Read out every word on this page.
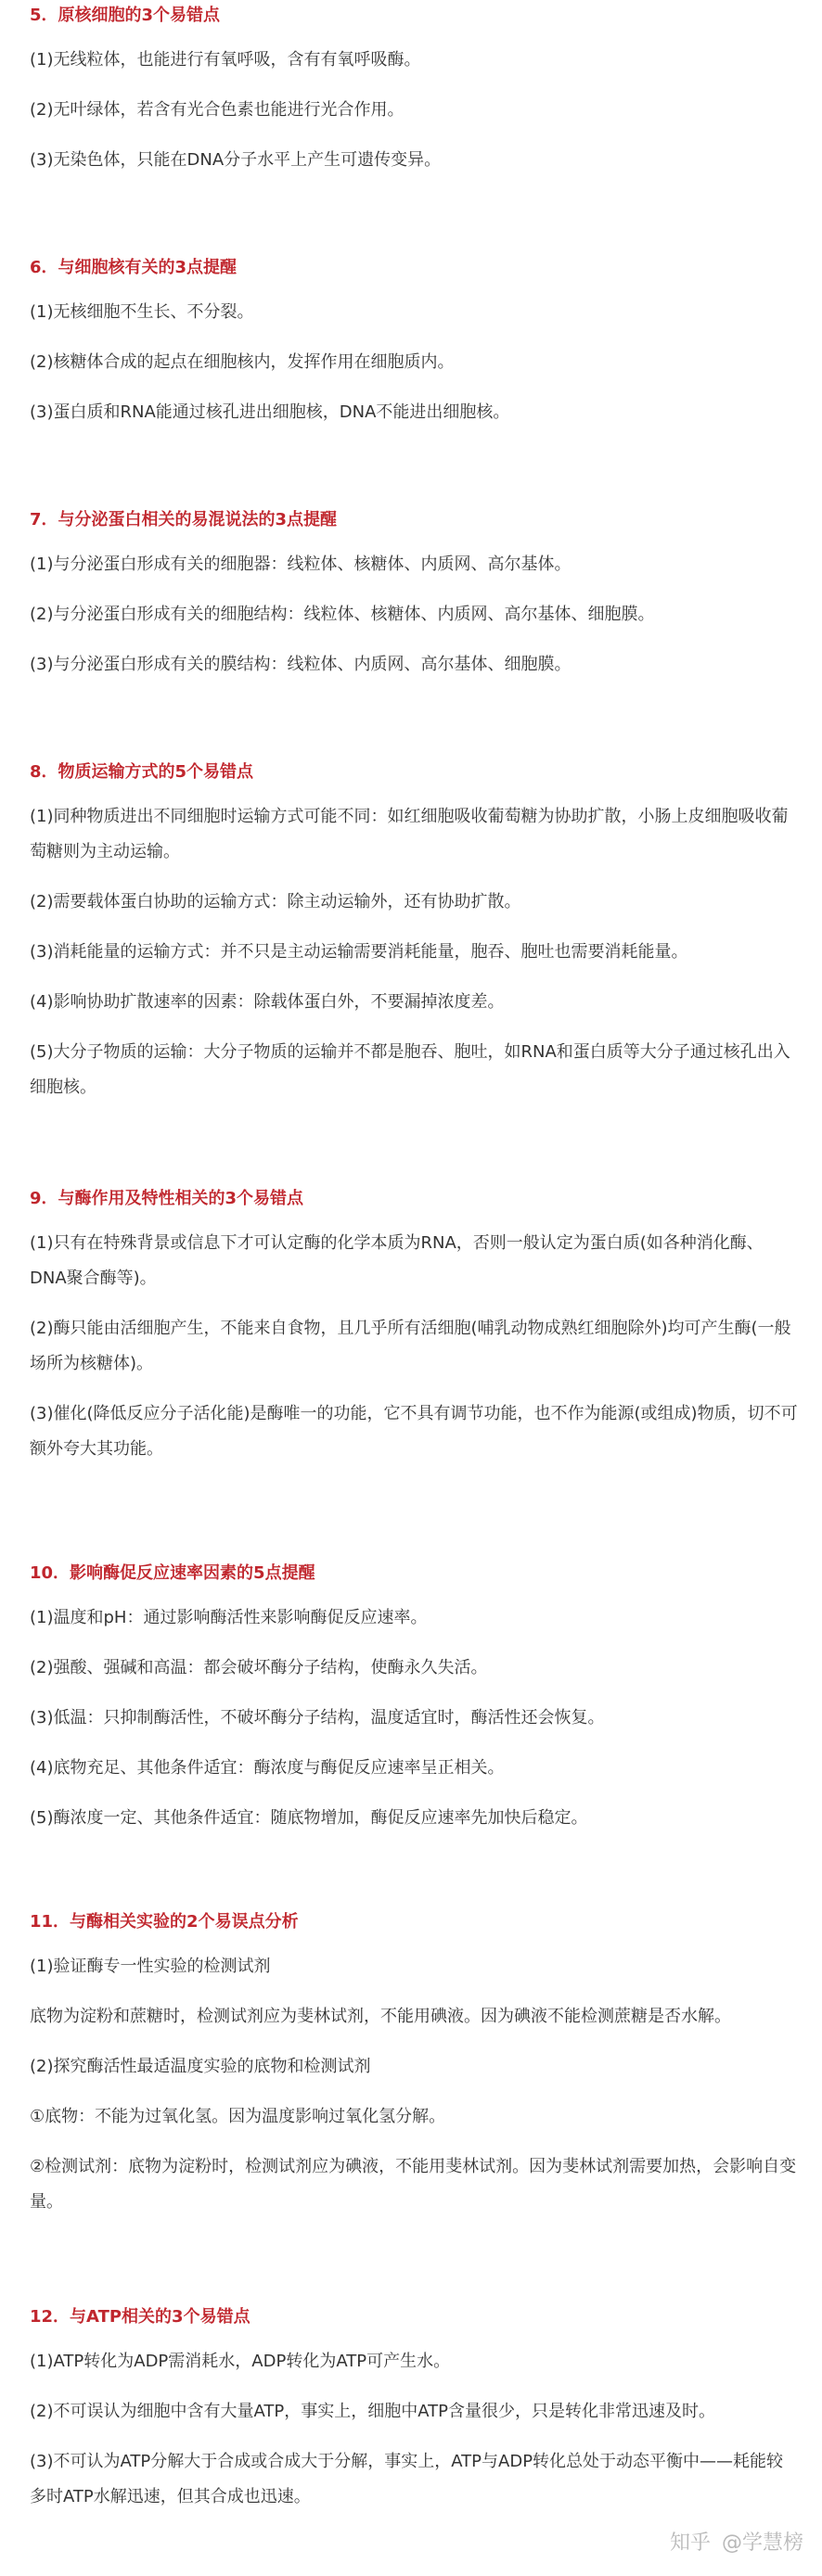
5．原核细胞的3个易错点

(1)无线粒体，也能进行有氧呼吸，含有有氧呼吸酶。

(2)无叶绿体，若含有光合色素也能进行光合作用。

(3)无染色体，只能在DNA分子水平上产生可遗传变异。

6．与细胞核有关的3点提醒

(1)无核细胞不生长、不分裂。

(2)核糖体合成的起点在细胞核内，发挥作用在细胞质内。

(3)蛋白质和RNA能通过核孔进出细胞核，DNA不能进出细胞核。

7．与分泌蛋白相关的易混说法的3点提醒

(1)与分泌蛋白形成有关的细胞器：线粒体、核糖体、内质网、高尔基体。

(2)与分泌蛋白形成有关的细胞结构：线粒体、核糖体、内质网、高尔基体、细胞膜。

(3)与分泌蛋白形成有关的膜结构：线粒体、内质网、高尔基体、细胞膜。

8．物质运输方式的5个易错点

(1)同种物质进出不同细胞时运输方式可能不同：如红细胞吸收葡萄糖为协助扩散，小肠上皮细胞吸收葡萄糖则为主动运输。

(2)需要载体蛋白协助的运输方式：除主动运输外，还有协助扩散。

(3)消耗能量的运输方式：并不只是主动运输需要消耗能量，胞吞、胞吐也需要消耗能量。

(4)影响协助扩散速率的因素：除载体蛋白外，不要漏掉浓度差。

(5)大分子物质的运输：大分子物质的运输并不都是胞吞、胞吐，如RNA和蛋白质等大分子通过核孔出入细胞核。

9．与酶作用及特性相关的3个易错点

(1)只有在特殊背景或信息下才可认定酶的化学本质为RNA，否则一般认定为蛋白质(如各种消化酶、DNA聚合酶等)。

(2)酶只能由活细胞产生，不能来自食物，且几乎所有活细胞(哺乳动物成熟红细胞除外)均可产生酶(一般场所为核糖体)。

(3)催化(降低反应分子活化能)是酶唯一的功能，它不具有调节功能，也不作为能源(或组成)物质，切不可额外夸大其功能。

10．影响酶促反应速率因素的5点提醒

(1)温度和pH：通过影响酶活性来影响酶促反应速率。

(2)强酸、强碱和高温：都会破坏酶分子结构，使酶永久失活。

(3)低温：只抑制酶活性，不破坏酶分子结构，温度适宜时，酶活性还会恢复。

(4)底物充足、其他条件适宜：酶浓度与酶促反应速率呈正相关。

(5)酶浓度一定、其他条件适宜：随底物增加，酶促反应速率先加快后稳定。

11．与酶相关实验的2个易误点分析

(1)验证酶专一性实验的检测试剂

底物为淀粉和蔗糖时，检测试剂应为斐林试剂，不能用碘液。因为碘液不能检测蔗糖是否水解。

(2)探究酶活性最适温度实验的底物和检测试剂

①底物：不能为过氧化氢。因为温度影响过氧化氢分解。

②检测试剂：底物为淀粉时，检测试剂应为碘液，不能用斐林试剂。因为斐林试剂需要加热，会影响自变量。

12．与ATP相关的3个易错点

(1)ATP转化为ADP需消耗水，ADP转化为ATP可产生水。

(2)不可误认为细胞中含有大量ATP，事实上，细胞中ATP含量很少，只是转化非常迅速及时。

(3)不可认为ATP分解大于合成或合成大于分解，事实上，ATP与ADP转化总处于动态平衡中——耗能较多时ATP水解迅速，但其合成也迅速。

知乎 @学慧榜
